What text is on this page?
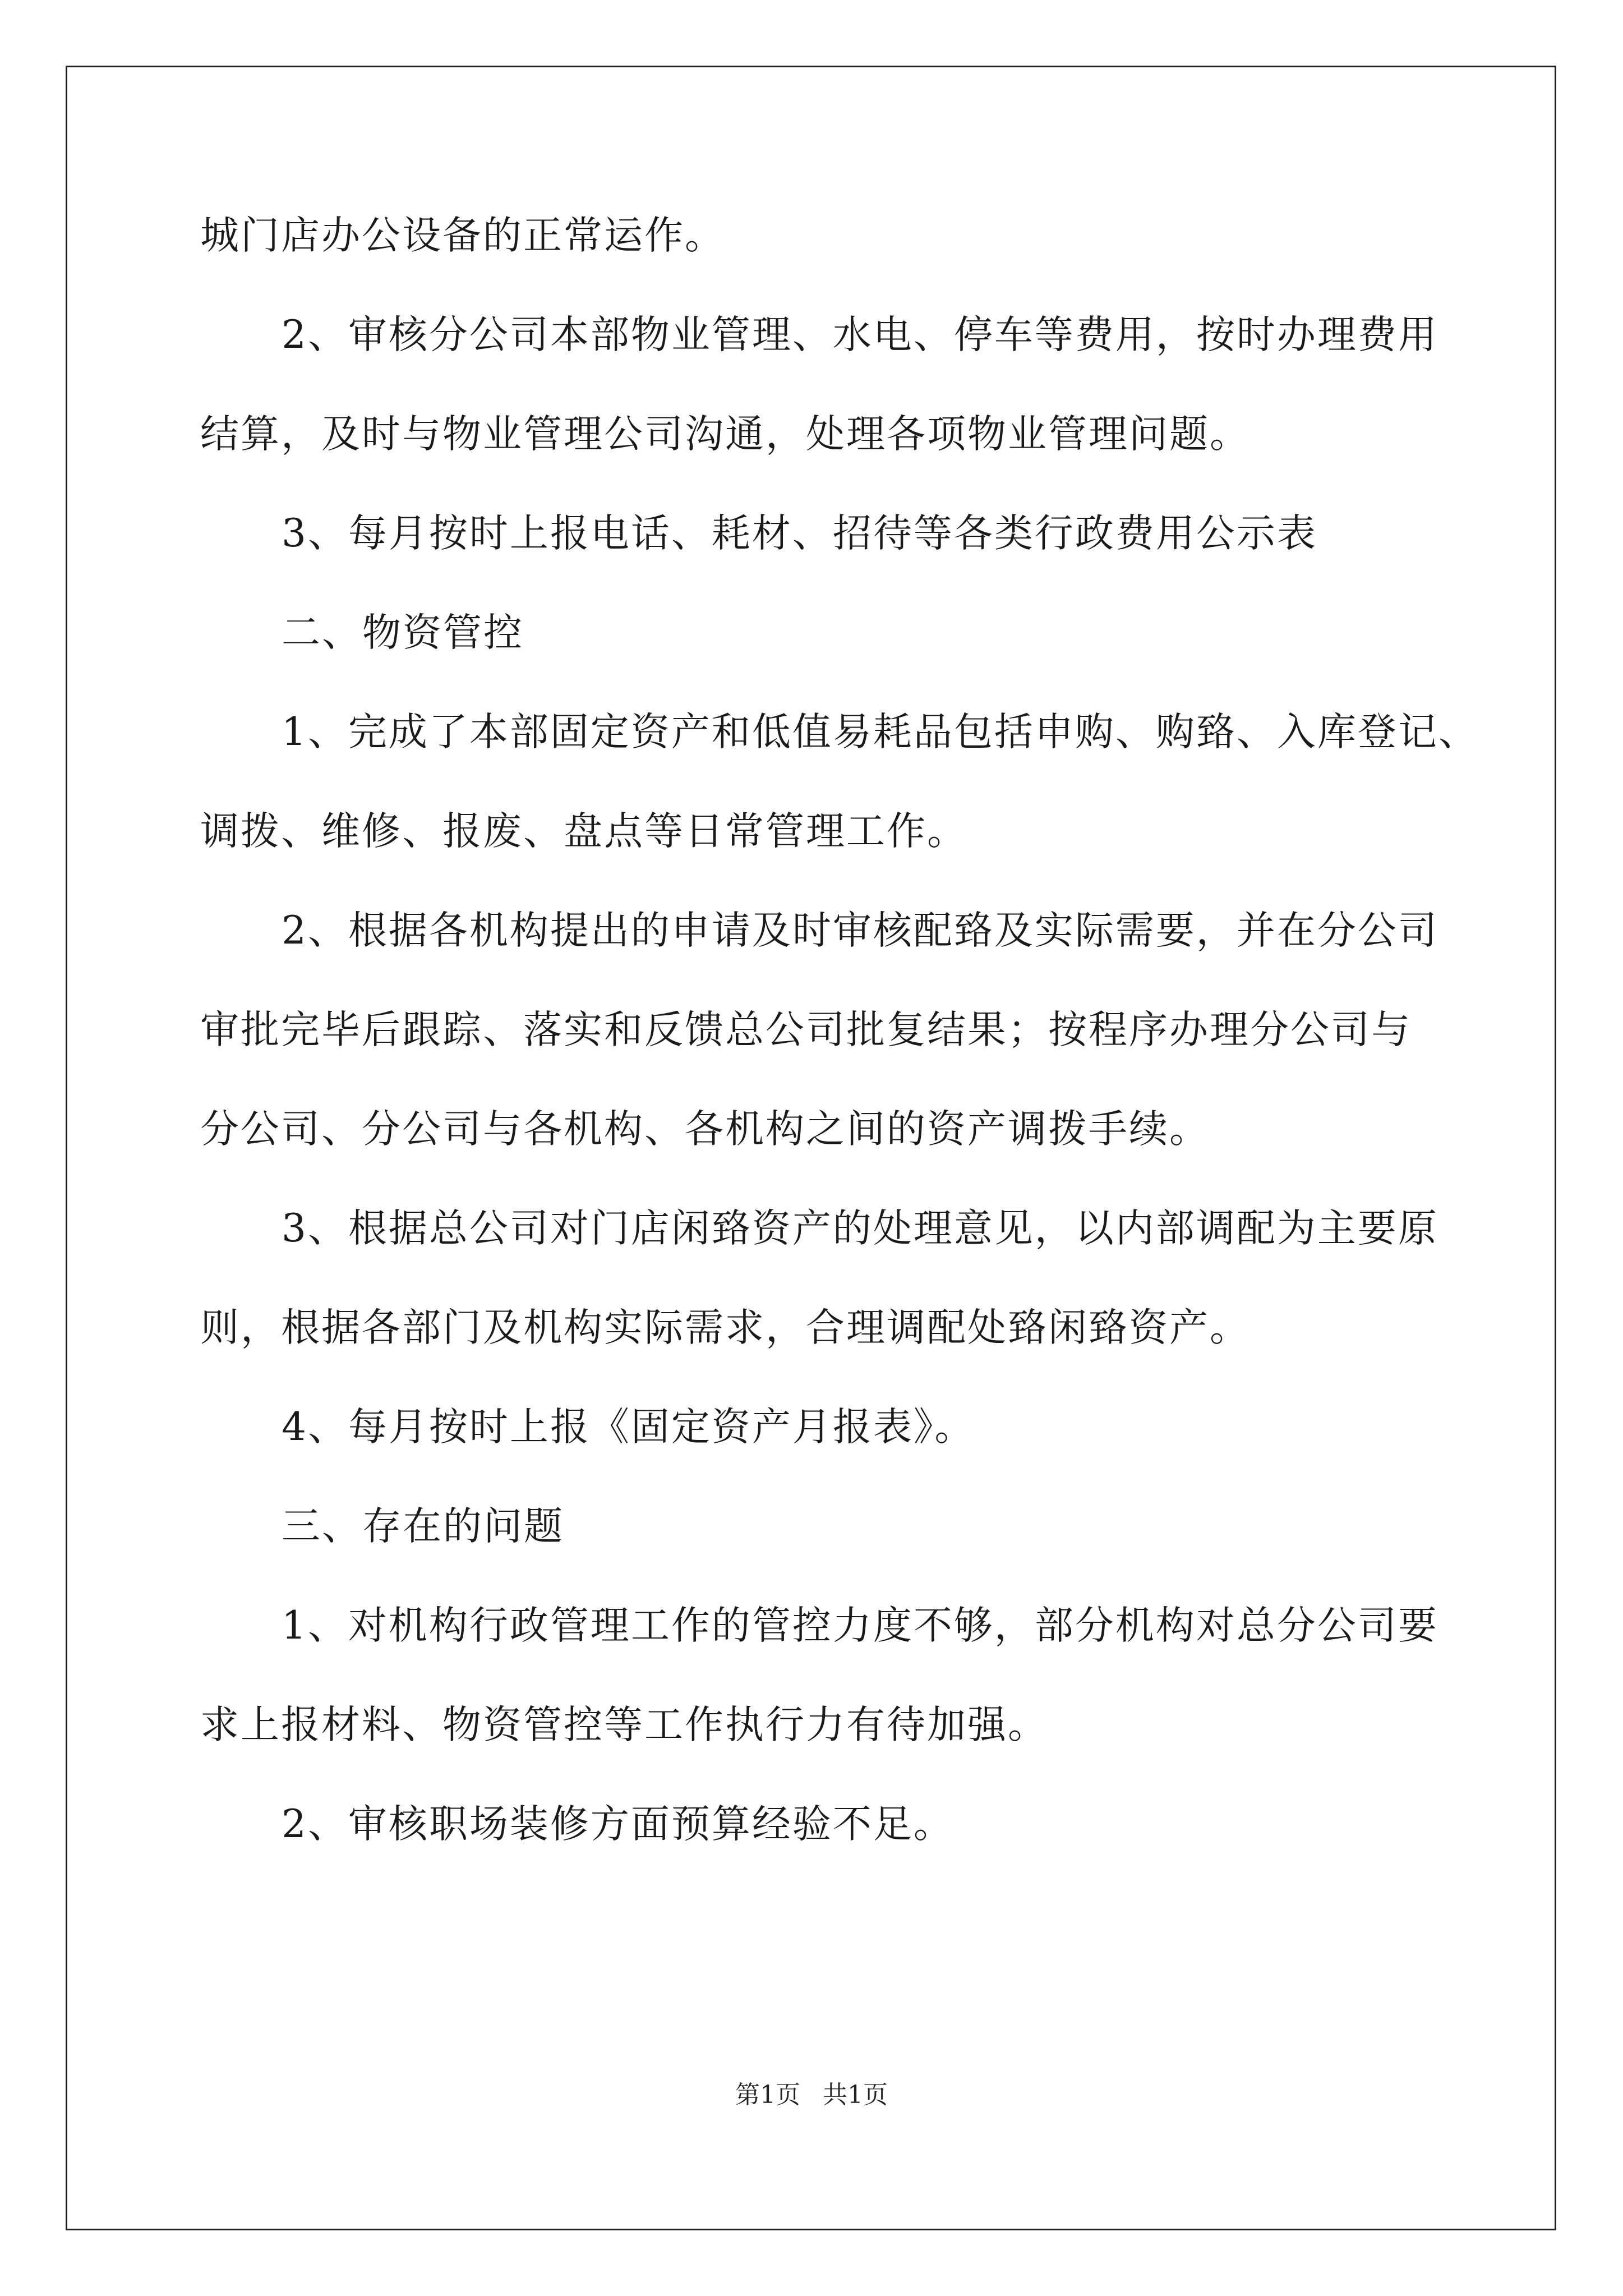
城门店办公设备的正常运作。
2、审核分公司本部物业管理、水电、停车等费用，按时办理费用
结算，及时与物业管理公司沟通，处理各项物业管理问题。
3、每月按时上报电话、耗材、招待等各类行政费用公示表
二、物资管控
1、完成了本部固定资产和低值易耗品包括申购、购臵、入库登记、
调拨、维修、报废、盘点等日常管理工作。
2、根据各机构提出的申请及时审核配臵及实际需要，并在分公司
审批完毕后跟踪、落实和反馈总公司批复结果；按程序办理分公司与
分公司、分公司与各机构、各机构之间的资产调拨手续。
3、根据总公司对门店闲臵资产的处理意见，以内部调配为主要原
则，根据各部门及机构实际需求，合理调配处臵闲臵资产。
4、每月按时上报《固定资产月报表》。
三、存在的问题
1、对机构行政管理工作的管控力度不够，部分机构对总分公司要
求上报材料、物资管控等工作执行力有待加强。
2、审核职场装修方面预算经验不足。
第1页 共1页
